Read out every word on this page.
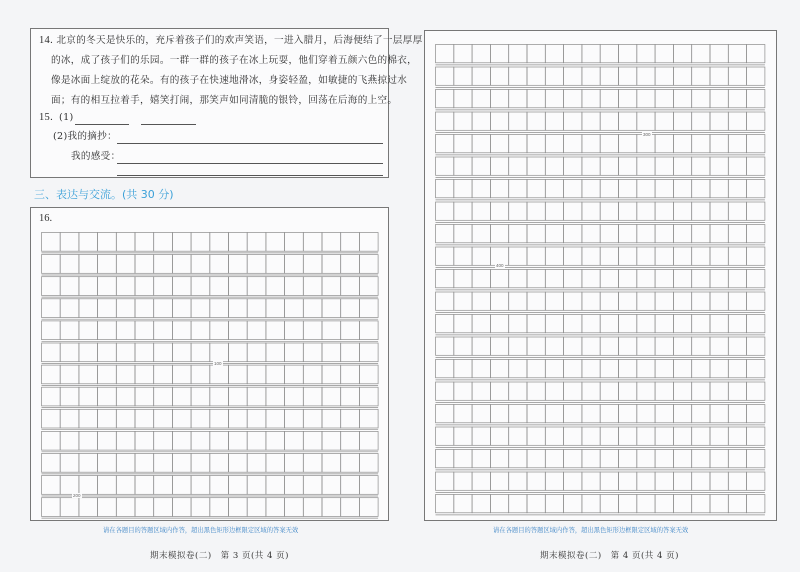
14. 北京的冬天是快乐的，充斥着孩子们的欢声笑语，一进入腊月，后海便结了一层厚厚
的冰，成了孩子们的乐园。一群一群的孩子在冰上玩耍，他们穿着五颜六色的棉衣，
像是冰面上绽放的花朵。有的孩子在快速地滑冰，身姿轻盈，如敏捷的飞燕掠过水
面；有的相互拉着手，嬉笑打闹，那笑声如同清脆的银铃，回荡在后海的上空。
15. (1)
(2)我的摘抄：
我的感受：
三、表达与交流。(共 30 分)
16.
100
200
请在各题目的答题区域内作答，超出黑色矩形边框限定区域的答案无效
期末模拟卷(二)　第 3 页(共 4 页)
300
400
请在各题目的答题区域内作答，超出黑色矩形边框限定区域的答案无效
期末模拟卷(二)　第 4 页(共 4 页)
